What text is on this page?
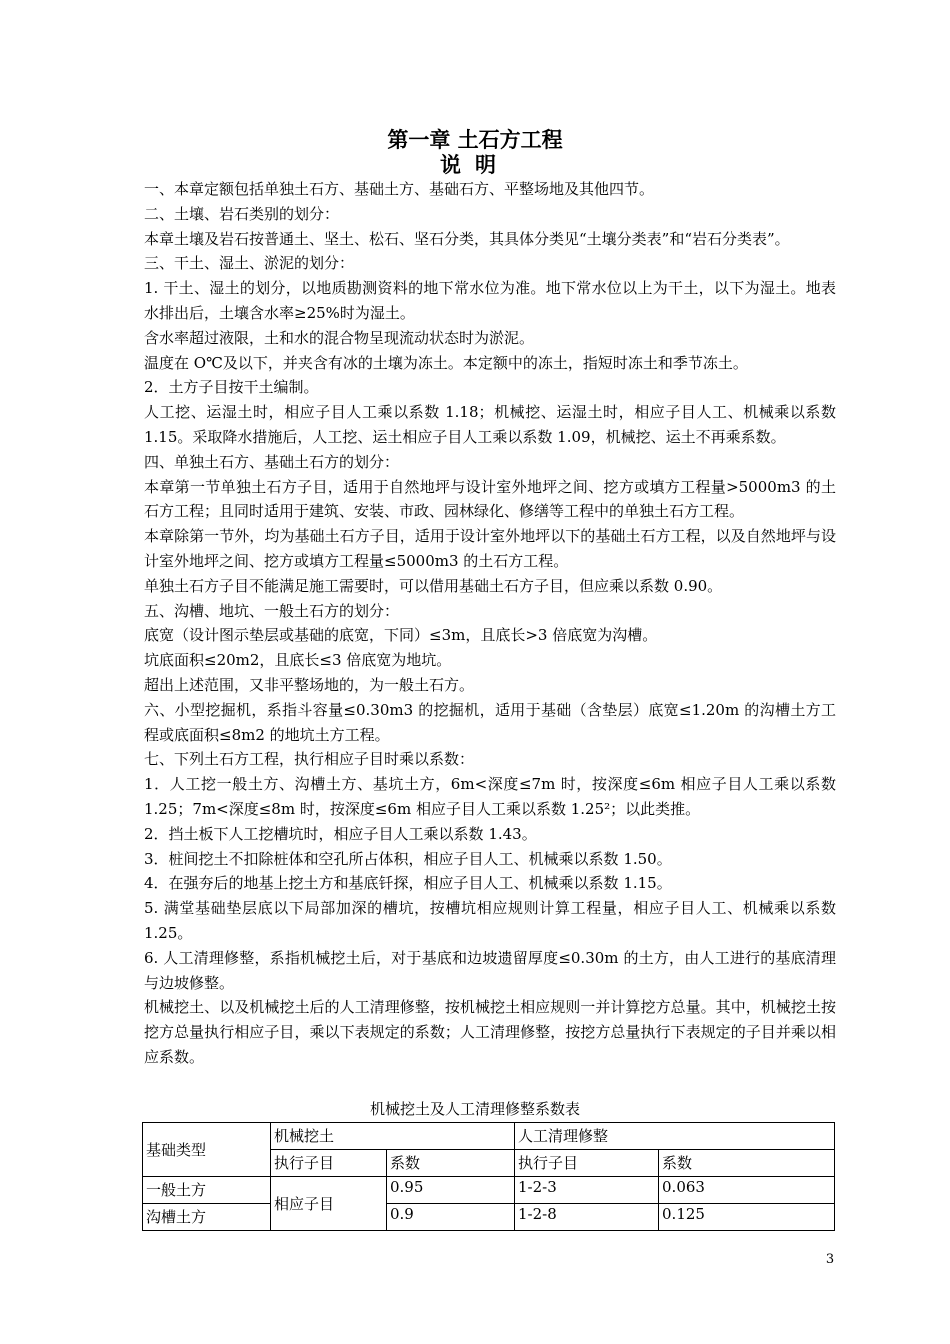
第一章 土石方工程
说明

一、本章定额包括单独土石方、基础土方、基础石方、平整场地及其他四节。

二、土壤、岩石类别的划分：

本章土壤及岩石按普通土、坚土、松石、坚石分类，其具体分类见“土壤分类表”和“岩石分类表”。

三、干土、湿土、淤泥的划分：

1. 干土、湿土的划分，以地质勘测资料的地下常水位为准。地下常水位以上为干土，以下为湿土。地表水排出后，土壤含水率≥25%时为湿土。

含水率超过液限，土和水的混合物呈现流动状态时为淤泥。

温度在 O℃及以下，并夹含有冰的土壤为冻土。本定额中的冻土，指短时冻土和季节冻土。

2．土方子目按干土编制。

人工挖、运湿土时，相应子目人工乘以系数 1.18；机械挖、运湿土时，相应子目人工、机械乘以系数 1.15。采取降水措施后，人工挖、运土相应子目人工乘以系数 1.09，机械挖、运土不再乘系数。

四、单独土石方、基础土石方的划分：

本章第一节单独土石方子目，适用于自然地坪与设计室外地坪之间、挖方或填方工程量>5000m3 的土石方工程；且同时适用于建筑、安装、市政、园林绿化、修缮等工程中的单独土石方工程。

本章除第一节外，均为基础土石方子目，适用于设计室外地坪以下的基础土石方工程，以及自然地坪与设计室外地坪之间、挖方或填方工程量≤5000m3 的土石方工程。

单独土石方子目不能满足施工需要时，可以借用基础土石方子目，但应乘以系数 0.90。

五、沟槽、地坑、一般土石方的划分：

底宽（设计图示垫层或基础的底宽，下同）≤3m，且底长>3 倍底宽为沟槽。

坑底面积≤20m2，且底长≤3 倍底宽为地坑。

超出上述范围，又非平整场地的，为一般土石方。

六、小型挖掘机，系指斗容量≤0.30m3 的挖掘机，适用于基础（含垫层）底宽≤1.20m 的沟槽土方工程或底面积≤8m2 的地坑土方工程。

七、下列土石方工程，执行相应子目时乘以系数：

1．人工挖一般土方、沟槽土方、基坑土方，6m<深度≤7m 时，按深度≤6m 相应子目人工乘以系数 1.25；7m<深度≤8m 时，按深度≤6m 相应子目人工乘以系数 1.25²；以此类推。

2．挡土板下人工挖槽坑时，相应子目人工乘以系数 1.43。

3．桩间挖土不扣除桩体和空孔所占体积，相应子目人工、机械乘以系数 1.50。

4．在强夯后的地基上挖土方和基底钎探，相应子目人工、机械乘以系数 1.15。

5. 满堂基础垫层底以下局部加深的槽坑，按槽坑相应规则计算工程量，相应子目人工、机械乘以系数 1.25。

6. 人工清理修整，系指机械挖土后，对于基底和边坡遗留厚度≤0.30m 的土方，由人工进行的基底清理与边坡修整。

机械挖土、以及机械挖土后的人工清理修整，按机械挖土相应规则一并计算挖方总量。其中，机械挖土按挖方总量执行相应子目，乘以下表规定的系数；人工清理修整，按挖方总量执行下表规定的子目并乘以相应系数。

机械挖土及人工清理修整系数表
基础类型	机械挖土		人工清理修整	
	执行子目	系数	执行子目	系数
一般土方	相应子目	0.95	1-2-3	0.063
沟槽土方		0.9	1-2-8	0.125
3
